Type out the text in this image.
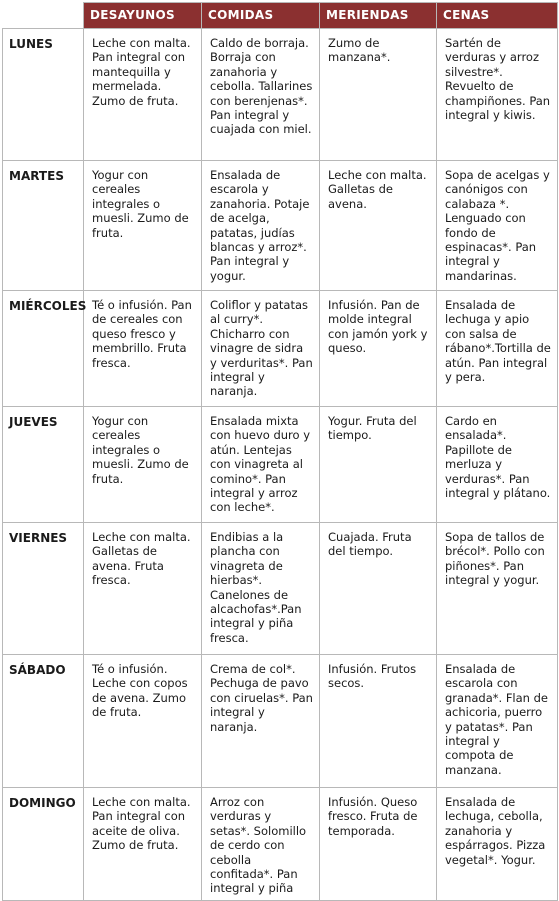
	DESAYUNOS	COMIDAS	MERIENDAS	CENAS
LUNES	Leche con malta. Pan integral con mantequilla y mermelada. Zumo de fruta.	Caldo de borraja. Borraja con zanahoria y cebolla. Tallarines con berenjenas*. Pan integral y cuajada con miel.	Zumo de manzana*.	Sartén de verduras y arroz silvestre*. Revuelto de champiñones. Pan integral y kiwis.
MARTES	Yogur con cereales integrales o muesli. Zumo de fruta.	Ensalada de escarola y zanahoria. Potaje de acelga, patatas, judías blancas y arroz*. Pan integral y yogur.	Leche con malta. Galletas de avena.	Sopa de acelgas y canónigos con calabaza *. Lenguado con fondo de espinacas*. Pan integral y mandarinas.
MIÉRCOLES	Té o infusión. Pan de cereales con queso fresco y membrillo. Fruta fresca.	Coliflor y patatas al curry*. Chicharro con vinagre de sidra y verduritas*. Pan integral y naranja.	Infusión. Pan de molde integral con jamón york y queso.	Ensalada de lechuga y apio con salsa de rábano*.Tortilla de atún. Pan integral y pera.
JUEVES	Yogur con cereales integrales o muesli. Zumo de fruta.	Ensalada mixta con huevo duro y atún. Lentejas con vinagreta al comino*. Pan integral y arroz con leche*.	Yogur. Fruta del tiempo.	Cardo en ensalada*. Papillote de merluza y verduras*. Pan integral y plátano.
VIERNES	Leche con malta. Galletas de avena. Fruta fresca.	Endibias a la plancha con vinagreta de hierbas*. Canelones de alcachofas*.Pan integral y piña fresca.	Cuajada. Fruta del tiempo.	Sopa de tallos de brécol*. Pollo con piñones*. Pan integral y yogur.
SÁBADO	Té o infusión. Leche con copos de avena. Zumo de fruta.	Crema de col*. Pechuga de pavo con ciruelas*. Pan integral y naranja.	Infusión. Frutos secos.	Ensalada de escarola con granada*. Flan de achicoria, puerro y patatas*. Pan integral y compota de manzana.
DOMINGO	Leche con malta. Pan integral con aceite de oliva. Zumo de fruta.	Arroz con verduras y setas*. Solomillo de cerdo con cebolla confitada*. Pan integral y piña	Infusión. Queso fresco. Fruta de temporada.	Ensalada de lechuga, cebolla, zanahoria y espárragos. Pizza vegetal*. Yogur.
